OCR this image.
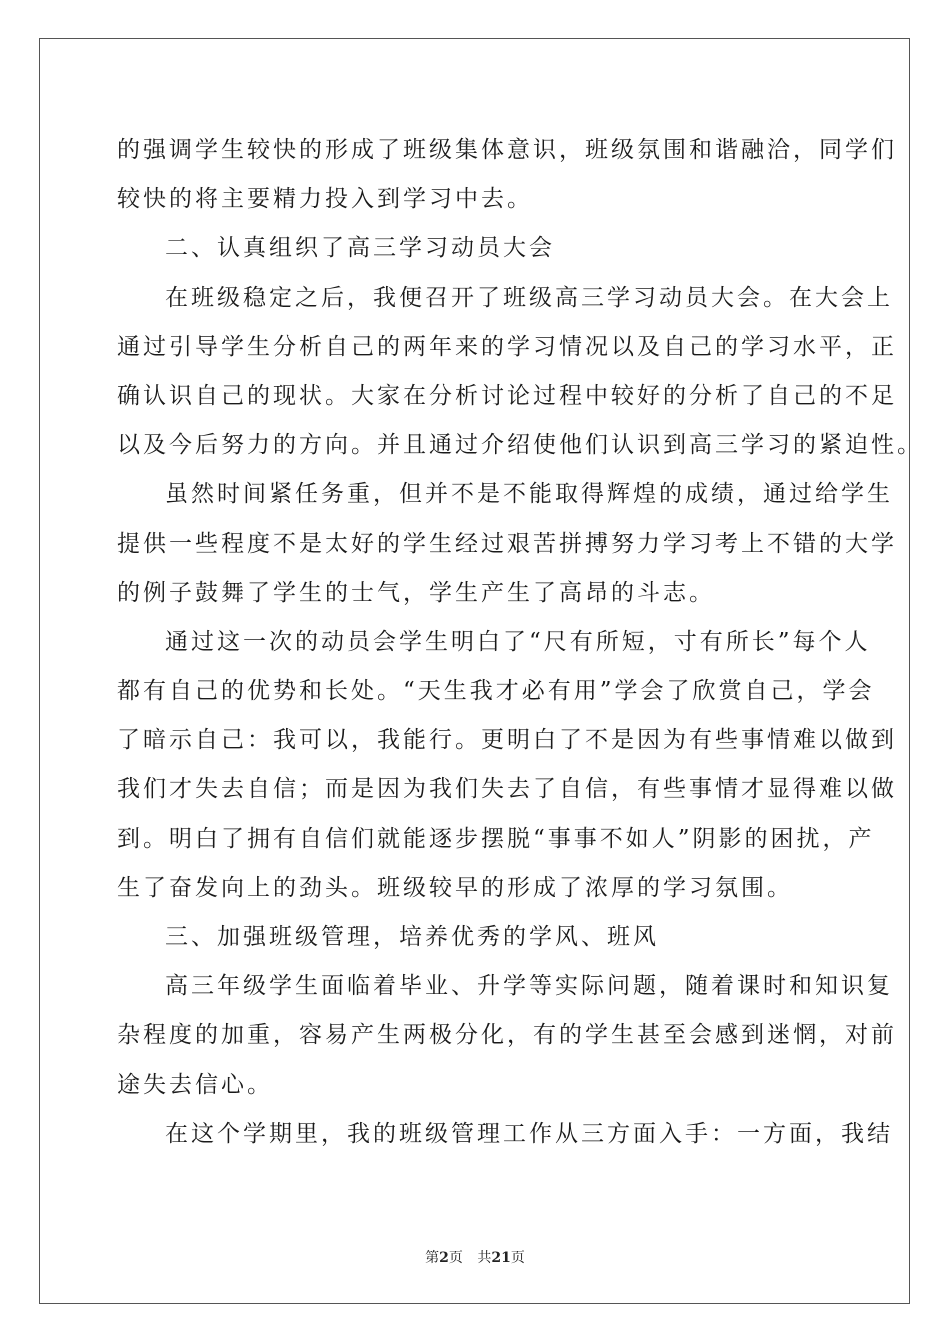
的强调学生较快的形成了班级集体意识，班级氛围和谐融洽，同学们
较快的将主要精力投入到学习中去。
二、认真组织了高三学习动员大会
在班级稳定之后，我便召开了班级高三学习动员大会。在大会上
通过引导学生分析自己的两年来的学习情况以及自己的学习水平，正
确认识自己的现状。大家在分析讨论过程中较好的分析了自己的不足
以及今后努力的方向。并且通过介绍使他们认识到高三学习的紧迫性。
虽然时间紧任务重，但并不是不能取得辉煌的成绩，通过给学生
提供一些程度不是太好的学生经过艰苦拼搏努力学习考上不错的大学
的例子鼓舞了学生的士气，学生产生了高昂的斗志。
通过这一次的动员会学生明白了“尺有所短，寸有所长”每个人
都有自己的优势和长处。“天生我才必有用”学会了欣赏自己，学会
了暗示自己：我可以，我能行。更明白了不是因为有些事情难以做到
我们才失去自信；而是因为我们失去了自信，有些事情才显得难以做
到。明白了拥有自信们就能逐步摆脱“事事不如人”阴影的困扰，产
生了奋发向上的劲头。班级较早的形成了浓厚的学习氛围。
三、加强班级管理，培养优秀的学风、班风
高三年级学生面临着毕业、升学等实际问题，随着课时和知识复
杂程度的加重，容易产生两极分化，有的学生甚至会感到迷惘，对前
途失去信心。
在这个学期里，我的班级管理工作从三方面入手：一方面，我结
第2页 共21页
